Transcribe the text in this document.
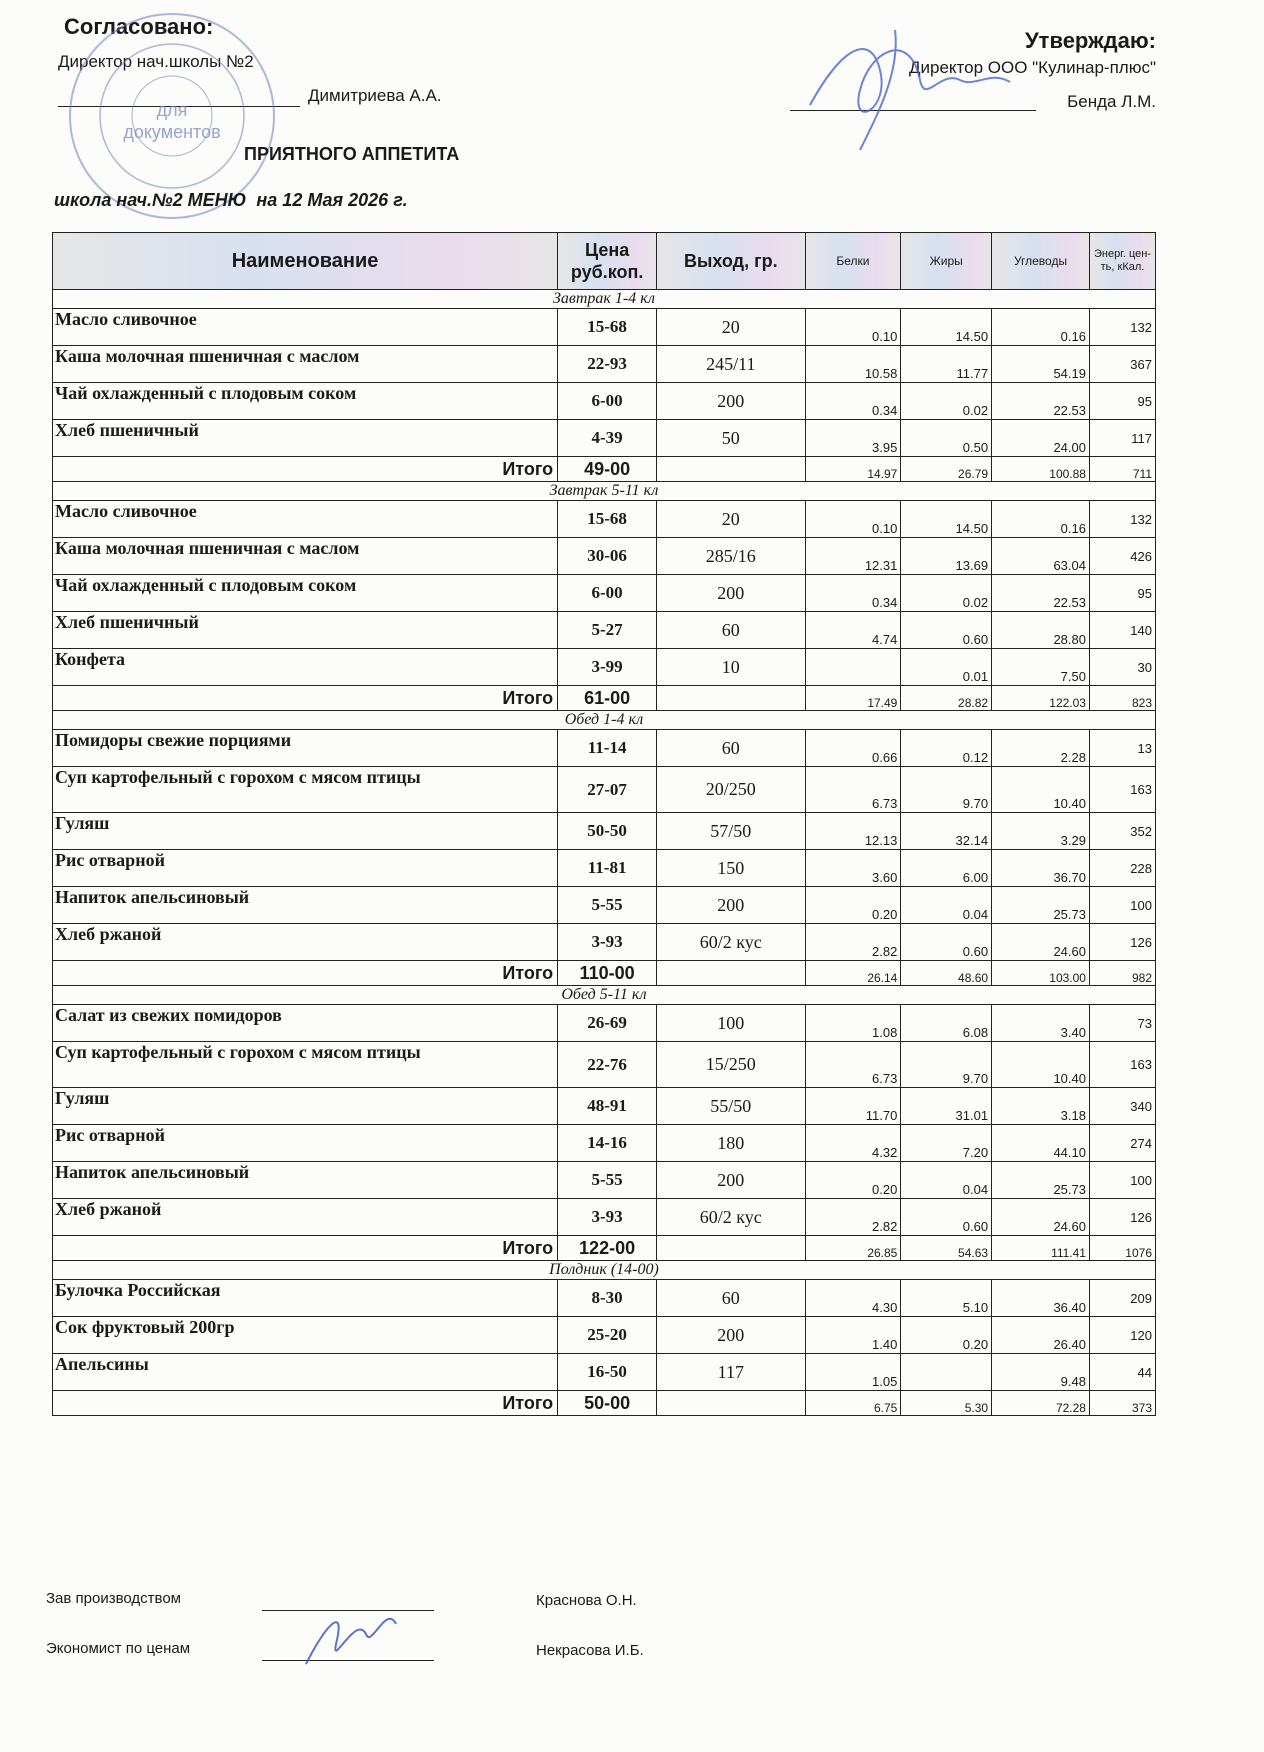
Согласовано:
Директор нач.школы №2
Димитриева А.А.
для
документов
Утверждаю:
Директор ООО "Кулинар-плюс"
Бенда Л.М.
ПРИЯТНОГО АППЕТИТА
школа нач.№2 МЕНЮ  на 12 Мая 2026 г.
Наименование	Цена руб.коп.	Выход, гр.	Белки	Жиры	Углеводы	Энерг. цен-ть, кКал.
Завтрак 1-4 кл						
Масло сливочное	15-68	20	0.10	14.50	0.16	132
Каша молочная пшеничная с маслом	22-93	245/11	10.58	11.77	54.19	367
Чай охлажденный с плодовым соком	6-00	200	0.34	0.02	22.53	95
Хлеб пшеничный	4-39	50	3.95	0.50	24.00	117
Итого	49-00		14.97	26.79	100.88	711
Завтрак 5-11 кл						
Масло сливочное	15-68	20	0.10	14.50	0.16	132
Каша молочная пшеничная с маслом	30-06	285/16	12.31	13.69	63.04	426
Чай охлажденный с плодовым соком	6-00	200	0.34	0.02	22.53	95
Хлеб пшеничный	5-27	60	4.74	0.60	28.80	140
Конфета	3-99	10		0.01	7.50	30
Итого	61-00		17.49	28.82	122.03	823
Обед 1-4 кл						
Помидоры свежие порциями	11-14	60	0.66	0.12	2.28	13
Суп картофельный с горохом с мясом птицы	27-07	20/250	6.73	9.70	10.40	163
Гуляш	50-50	57/50	12.13	32.14	3.29	352
Рис отварной	11-81	150	3.60	6.00	36.70	228
Напиток апельсиновый	5-55	200	0.20	0.04	25.73	100
Хлеб ржаной	3-93	60/2 кус	2.82	0.60	24.60	126
Итого	110-00		26.14	48.60	103.00	982
Обед 5-11 кл						
Салат из свежих помидоров	26-69	100	1.08	6.08	3.40	73
Суп картофельный с горохом с мясом птицы	22-76	15/250	6.73	9.70	10.40	163
Гуляш	48-91	55/50	11.70	31.01	3.18	340
Рис отварной	14-16	180	4.32	7.20	44.10	274
Напиток апельсиновый	5-55	200	0.20	0.04	25.73	100
Хлеб ржаной	3-93	60/2 кус	2.82	0.60	24.60	126
Итого	122-00		26.85	54.63	111.41	1076
Полдник (14-00)						
Булочка Российская	8-30	60	4.30	5.10	36.40	209
Сок фруктовый 200гр	25-20	200	1.40	0.20	26.40	120
Апельсины	16-50	117	1.05		9.48	44
Итого	50-00		6.75	5.30	72.28	373
Зав производством	Краснова О.Н.
Экономист по ценам	Некрасова И.Б.
